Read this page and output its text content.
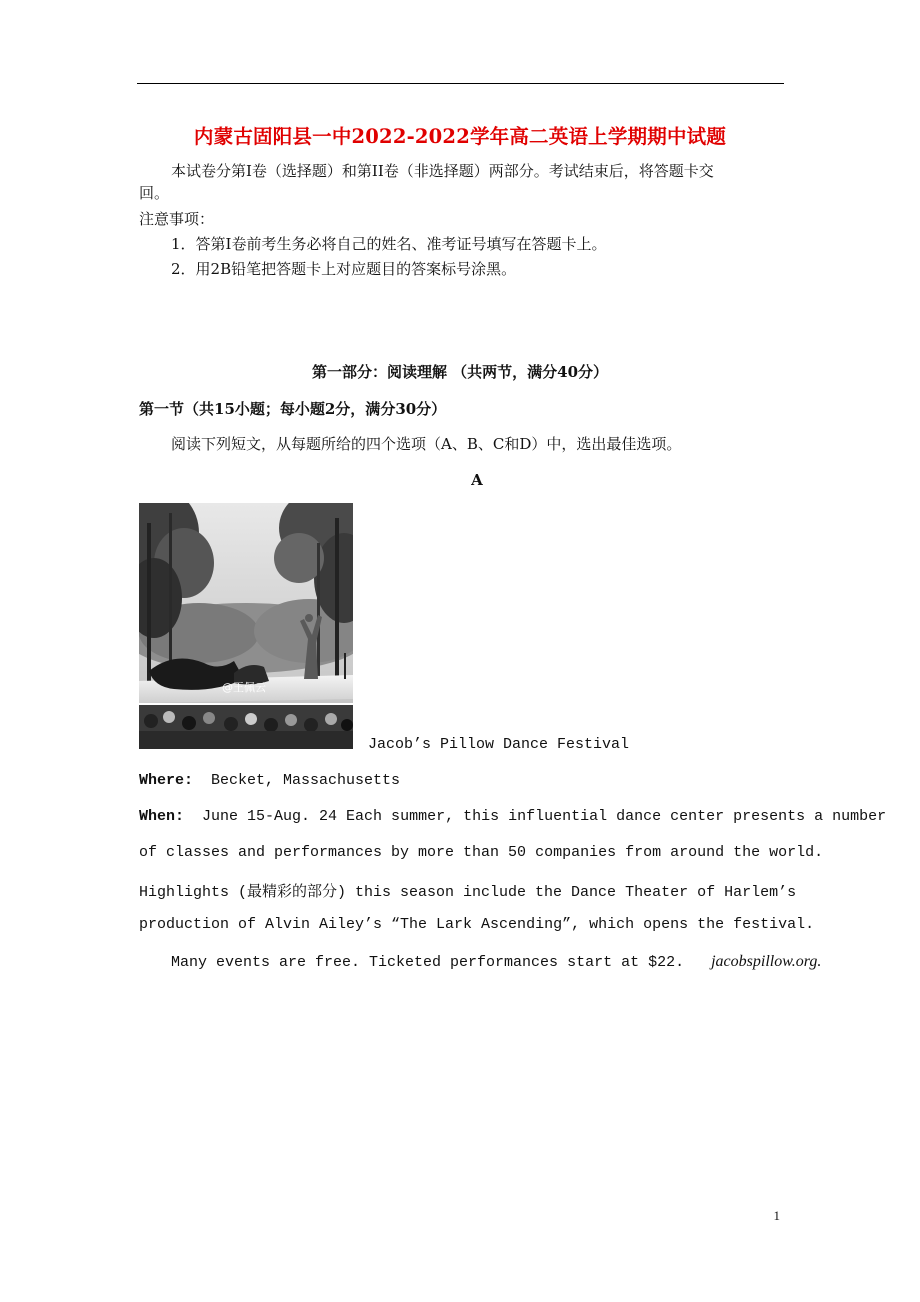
内蒙古固阳县一中2022-2022学年高二英语上学期期中试题
本试卷分第Ⅰ卷（选择题）和第II卷（非选择题）两部分。考试结束后，将答题卡交
回。
注意事项：
1．答第Ⅰ卷前考生务必将自己的姓名、准考证号填写在答题卡上。
2．用2B铅笔把答题卡上对应题目的答案标号涂黑。
第一部分：阅读理解 （共两节，满分40分）
第一节（共15小题；每小题2分，满分30分）
阅读下列短文，从每题所给的四个选项（A、B、C和D）中，选出最佳选项。
A
@王佩云
Jacob’s Pillow Dance Festival
Where: Becket, Massachusetts
When: June 15-Aug. 24 Each summer, this influential dance center presents a number
of classes and performances by more than 50 companies from around the world.
Highlights (最精彩的部分) this season include the Dance Theater of Harlem’s
production of Alvin Ailey’s “The Lark Ascending”, which opens the festival.
Many events are free. Ticketed performances start at $22. jacobspillow.org.
1
